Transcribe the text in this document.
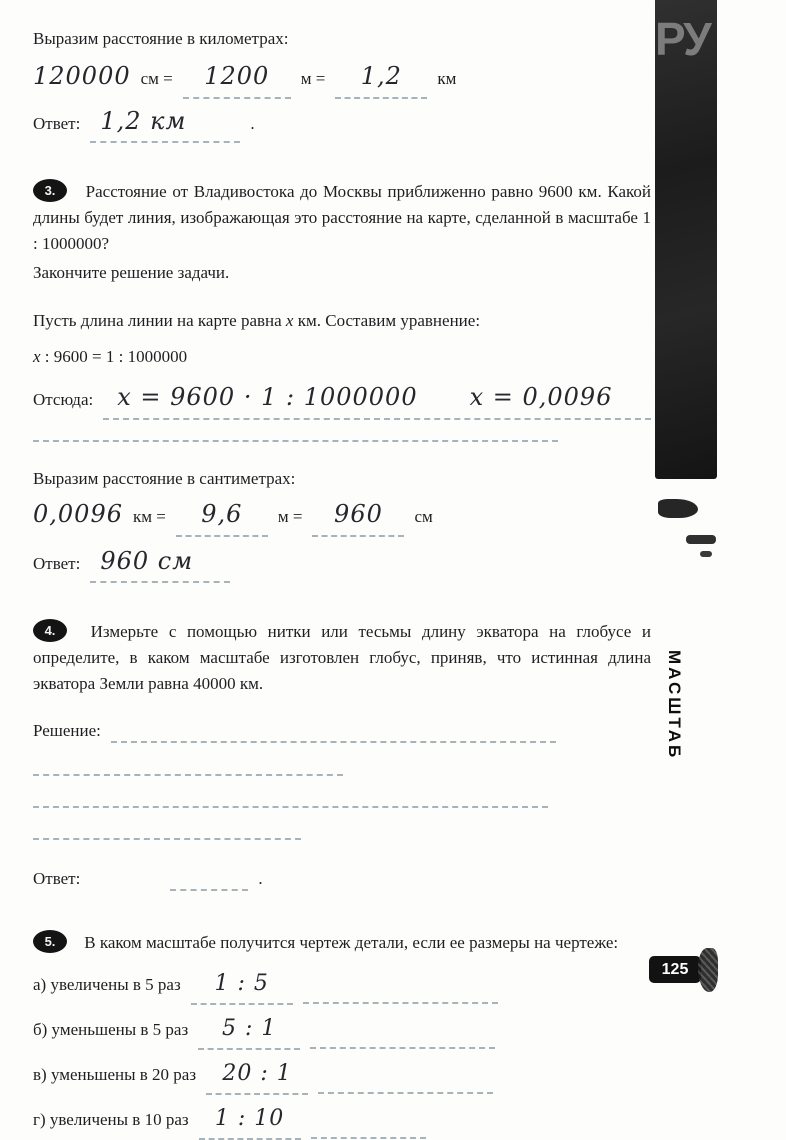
Выразим расстояние в километрах:

120000 см =	1200	м =	1,2	км
Ответ: 1,2 км	.

3. Расстояние от Владивостока до Москвы приближенно равно 9600 км. Какой длины будет линия, изображающая это расстояние на карте, сделанной в масштабе 1 : 1000000?

Закончите решение задачи.

Пусть длина линии на карте равна x км. Составим уравнение:

x : 9600 = 1 : 1000000

Отсюда: x = 9600 · 1 : 1000000 x = 0,0096

Выразим расстояние в сантиметрах:

0,0096 км =	9,6	м =	960	см
Ответ: 960 см

4. Измерьте с помощью нитки или тесьмы длину экватора на глобусе и определите, в каком масштабе изготовлен глобус, приняв, что истинная длина экватора Земли равна 40000 км.

Решение:
Ответ:	.

5. В каком масштабе получится чертеж детали, если ее размеры на чертеже:

а) увеличены в 5 раз	1 : 5
б) уменьшены в 5 раз	5 : 1
в) уменьшены в 20 раз	20 : 1
г) увеличены в 10 раз	1 : 10
РУ
МАСШТАБ
125
